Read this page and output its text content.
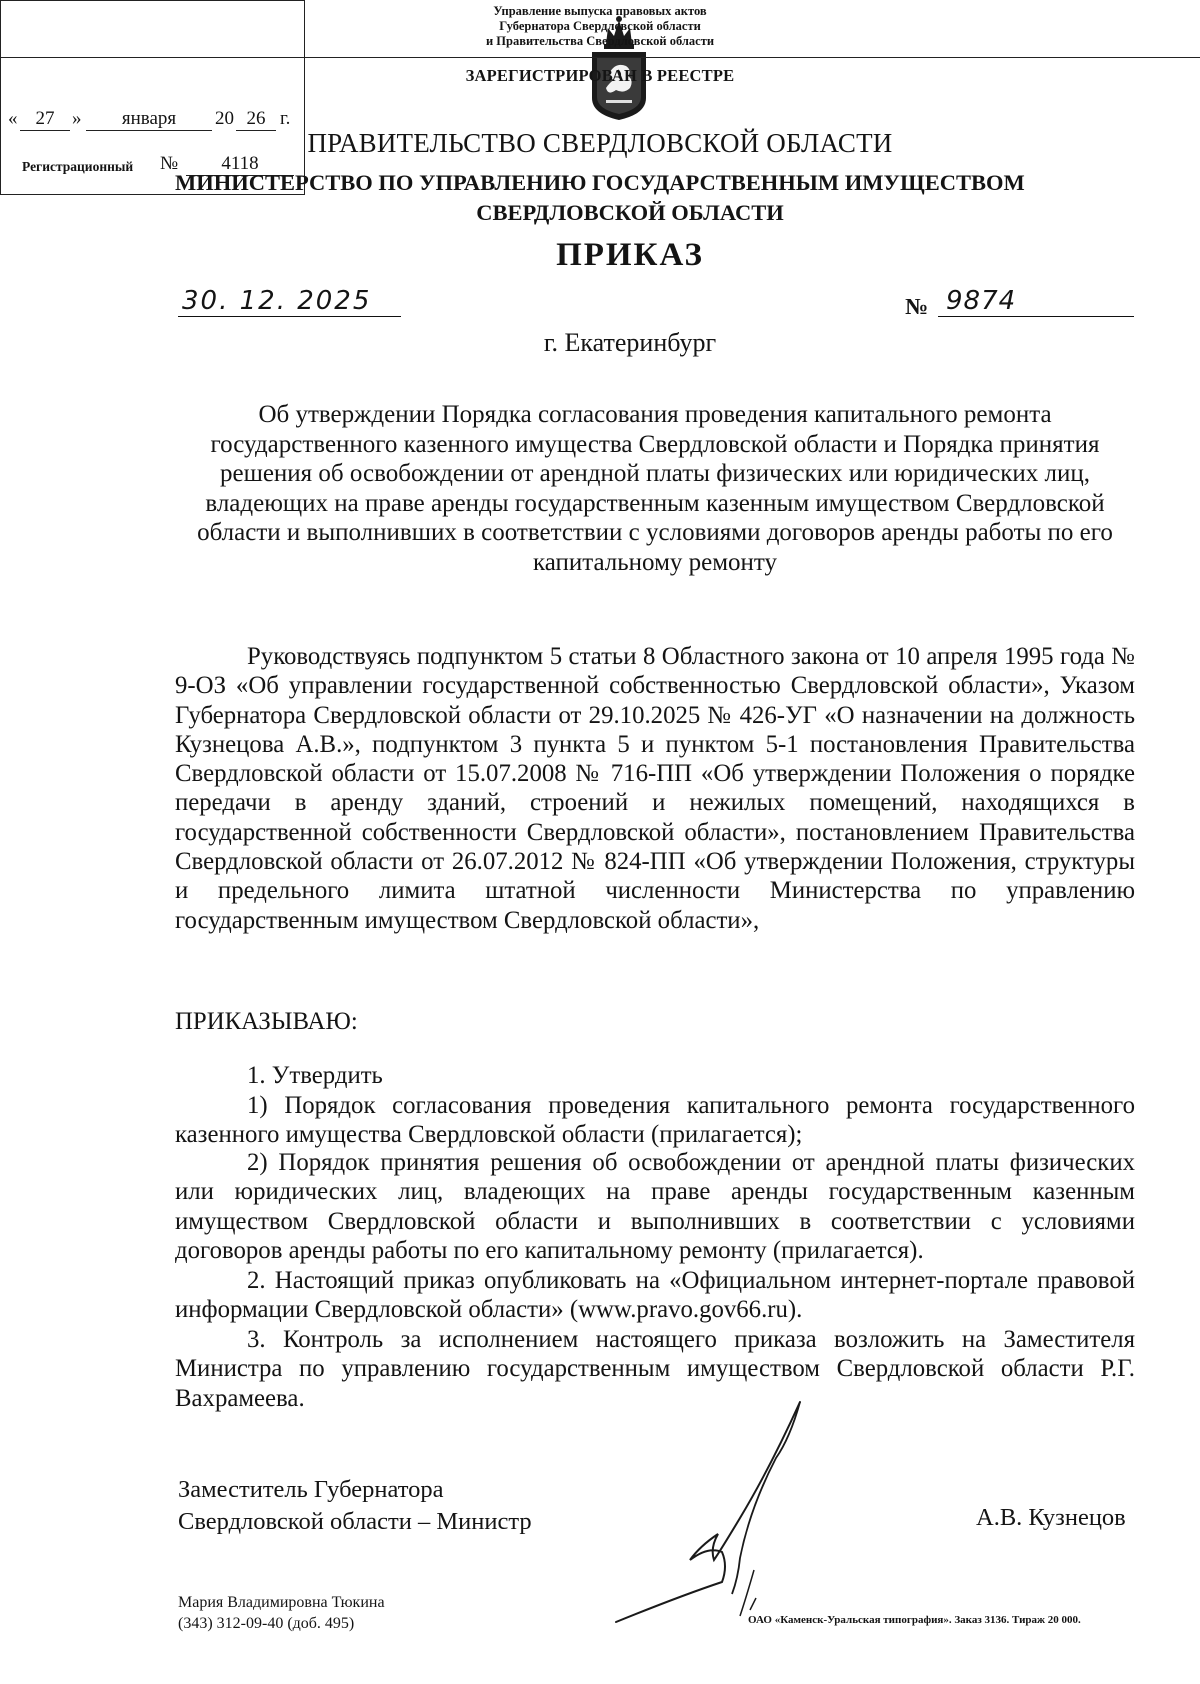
Управление выпуска правовых актов
Губернатора Свердловской области
и Правительства Свердловской области
ЗАРЕГИСТРИРОВАН В РЕЕСТРЕ
« 27 »	января	20 26 г.
Регистрационный №	4118
ПРАВИТЕЛЬСТВО СВЕРДЛОВСКОЙ ОБЛАСТИ
МИНИСТЕРСТВО ПО УПРАВЛЕНИЮ ГОСУДАРСТВЕННЫМ ИМУЩЕСТВОМ
СВЕРДЛОВСКОЙ ОБЛАСТИ
ПРИКАЗ
30. 12. 2025	№ 9874
г. Екатеринбург
Об утверждении Порядка согласования проведения капитального ремонта государственного казенного имущества Свердловской области и Порядка принятия решения об освобождении от арендной платы физических или юридических лиц, владеющих на праве аренды государственным казенным имуществом Свердловской области и выполнивших в соответствии с условиями договоров аренды работы по его капитальному ремонту
Руководствуясь подпунктом 5 статьи 8 Областного закона от 10 апреля 1995 года № 9-ОЗ «Об управлении государственной собственностью Свердловской области», Указом Губернатора Свердловской области от 29.10.2025 № 426-УГ «О назначении на должность Кузнецова А.В.», подпунктом 3 пункта 5 и пунктом 5-1 постановления Правительства Свердловской области от 15.07.2008 № 716-ПП «Об утверждении Положения о порядке передачи в аренду зданий, строений и нежилых помещений, находящихся в государственной собственности Свердловской области», постановлением Правительства Свердловской области от 26.07.2012 № 824-ПП «Об утверждении Положения, структуры и предельного лимита штатной численности Министерства по управлению государственным имуществом Свердловской области»,
ПРИКАЗЫВАЮ:
1. Утвердить
1) Порядок согласования проведения капитального ремонта государственного казенного имущества Свердловской области (прилагается);
2) Порядок принятия решения об освобождении от арендной платы физических или юридических лиц, владеющих на праве аренды государственным казенным имуществом Свердловской области и выполнивших в соответствии с условиями договоров аренды работы по его капитальному ремонту (прилагается).
2. Настоящий приказ опубликовать на «Официальном интернет-портале правовой информации Свердловской области» (www.pravo.gov66.ru).
3. Контроль за исполнением настоящего приказа возложить на Заместителя Министра по управлению государственным имуществом Свердловской области Р.Г. Вахрамеева.
Заместитель Губернатора
Свердловской области – Министр	А.В. Кузнецов
Мария Владимировна Тюкина
(343) 312-09-40 (доб. 495)	ОАО «Каменск-Уральская типография». Заказ 3136. Тираж 20 000.
